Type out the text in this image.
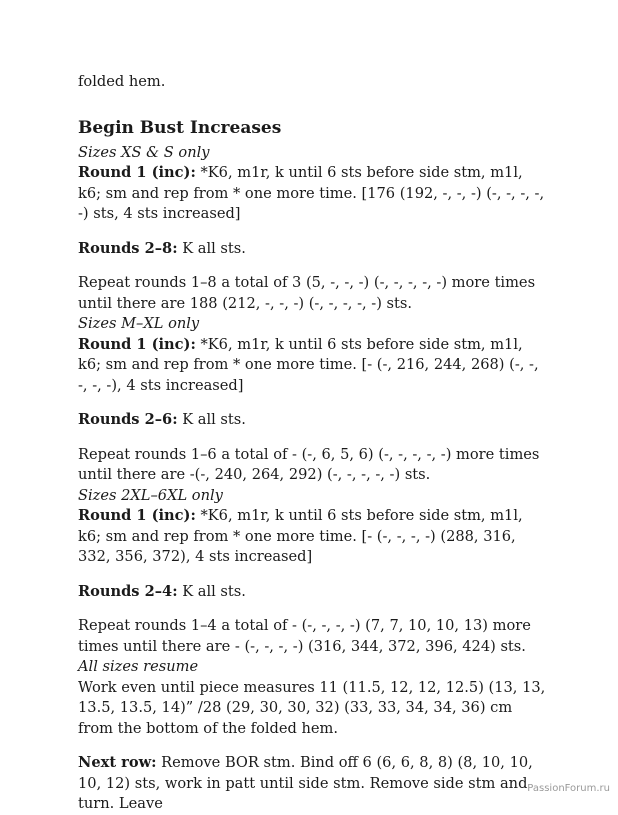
folded hem.

Begin Bust Increases

Sizes XS & S only

Round 1 (inc): *K6, m1r, k until 6 sts before side stm, m1l, k6; sm and rep from * one more time. [176 (192, -, -, -) (-, -, -, -, -) sts, 4 sts increased]

Rounds 2–8: K all sts.

Repeat rounds 1–8 a total of 3 (5, -, -, -) (-, -, -, -, -) more times until there are 188 (212, -, -, -) (-, -, -, -, -) sts.

Sizes M–XL only

Round 1 (inc): *K6, m1r, k until 6 sts before side stm, m1l, k6; sm and rep from * one more time. [- (-, 216, 244, 268) (-, -, -, -, -), 4 sts increased]

Rounds 2–6: K all sts.

Repeat rounds 1–6 a total of - (-, 6, 5, 6) (-, -, -, -, -) more times until there are -(-, 240, 264, 292) (-, -, -, -, -) sts.

Sizes 2XL–6XL only

Round 1 (inc): *K6, m1r, k until 6 sts before side stm, m1l, k6; sm and rep from * one more time. [- (-, -, -, -) (288, 316, 332, 356, 372), 4 sts increased]

Rounds 2–4: K all sts.

Repeat rounds 1–4 a total of - (-, -, -, -) (7, 7, 10, 10, 13) more times until there are - (-, -, -, -) (316, 344, 372, 396, 424) sts.

All sizes resume

Work even until piece measures 11 (11.5, 12, 12, 12.5) (13, 13, 13.5, 13.5, 14)” /28 (29, 30, 30, 32) (33, 33, 34, 34, 36) cm from the bottom of the folded hem.

Next row: Remove BOR stm. Bind off 6 (6, 6, 8, 8) (8, 10, 10, 10, 12) sts, work in patt until side stm. Remove side stm and turn. Leave

PassionForum.ru
